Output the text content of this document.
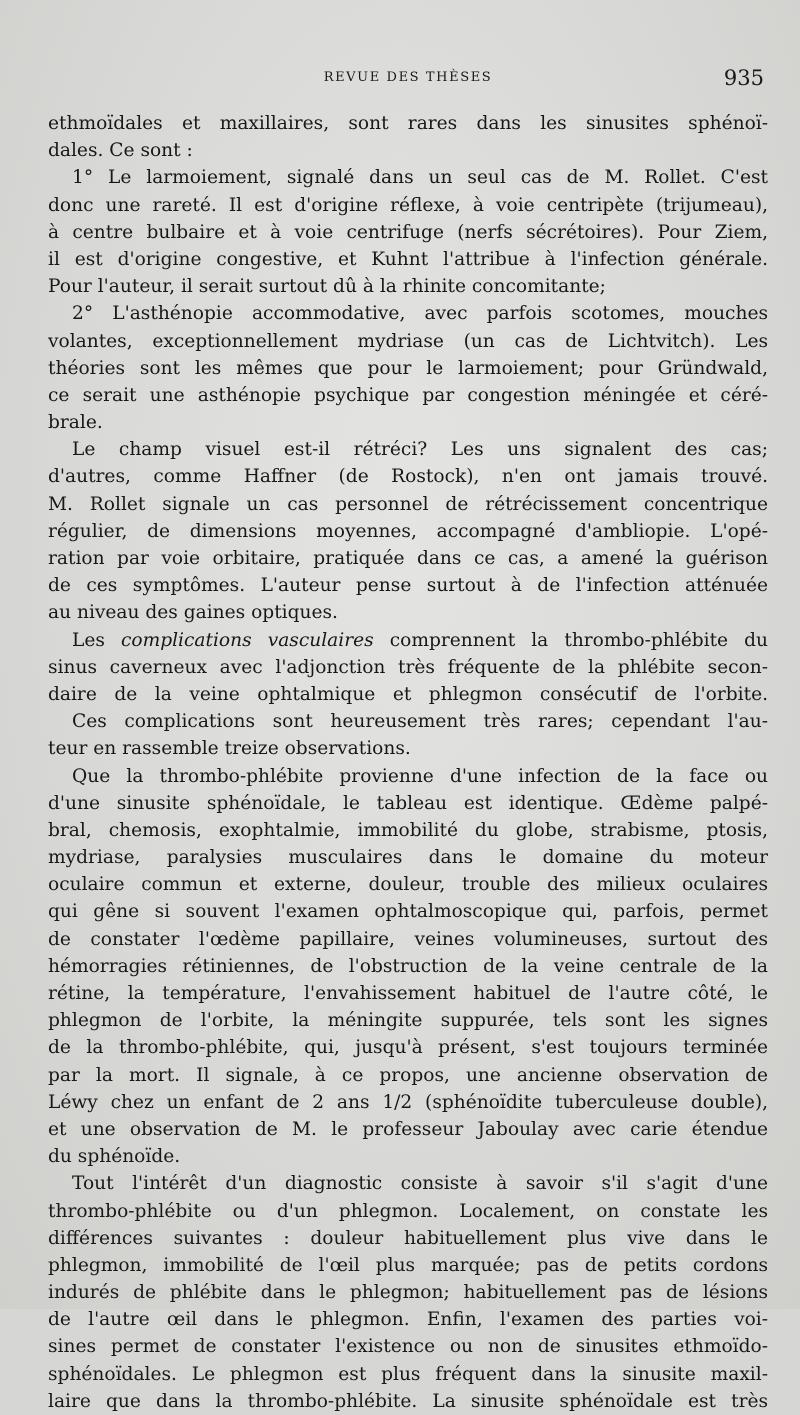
REVUE DES THÈSES	935
ethmoïdales et maxillaires, sont rares dans les sinusites sphénoï-
dales. Ce sont :
1° Le larmoiement, signalé dans un seul cas de M. Rollet. C'est
donc une rareté. Il est d'origine réflexe, à voie centripète (trijumeau),
à centre bulbaire et à voie centrifuge (nerfs sécrétoires). Pour Ziem,
il est d'origine congestive, et Kuhnt l'attribue à l'infection générale.
Pour l'auteur, il serait surtout dû à la rhinite concomitante;
2° L'asthénopie accommodative, avec parfois scotomes, mouches
volantes, exceptionnellement mydriase (un cas de Lichtvitch). Les
théories sont les mêmes que pour le larmoiement; pour Gründwald,
ce serait une asthénopie psychique par congestion méningée et céré-
brale.
Le champ visuel est-il rétréci? Les uns signalent des cas;
d'autres, comme Haffner (de Rostock), n'en ont jamais trouvé.
M. Rollet signale un cas personnel de rétrécissement concentrique
régulier, de dimensions moyennes, accompagné d'ambliopie. L'opé-
ration par voie orbitaire, pratiquée dans ce cas, a amené la guérison
de ces symptômes. L'auteur pense surtout à de l'infection atténuée
au niveau des gaines optiques.
Les complications vasculaires comprennent la thrombo-phlébite du
sinus caverneux avec l'adjonction très fréquente de la phlébite secon-
daire de la veine ophtalmique et phlegmon consécutif de l'orbite.
Ces complications sont heureusement très rares; cependant l'au-
teur en rassemble treize observations.
Que la thrombo-phlébite provienne d'une infection de la face ou
d'une sinusite sphénoïdale, le tableau est identique. Œdème palpé-
bral, chemosis, exophtalmie, immobilité du globe, strabisme, ptosis,
mydriase, paralysies musculaires dans le domaine du moteur
oculaire commun et externe, douleur, trouble des milieux oculaires
qui gêne si souvent l'examen ophtalmoscopique qui, parfois, permet
de constater l'œdème papillaire, veines volumineuses, surtout des
hémorragies rétiniennes, de l'obstruction de la veine centrale de la
rétine, la température, l'envahissement habituel de l'autre côté, le
phlegmon de l'orbite, la méningite suppurée, tels sont les signes
de la thrombo-phlébite, qui, jusqu'à présent, s'est toujours terminée
par la mort. Il signale, à ce propos, une ancienne observation de
Léwy chez un enfant de 2 ans 1/2 (sphénoïdite tuberculeuse double),
et une observation de M. le professeur Jaboulay avec carie étendue
du sphénoïde.
Tout l'intérêt d'un diagnostic consiste à savoir s'il s'agit d'une
thrombo-phlébite ou d'un phlegmon. Localement, on constate les
différences suivantes : douleur habituellement plus vive dans le
phlegmon, immobilité de l'œil plus marquée; pas de petits cordons
indurés de phlébite dans le phlegmon; habituellement pas de lésions
de l'autre œil dans le phlegmon. Enfin, l'examen des parties voi-
sines permet de constater l'existence ou non de sinusites ethmoïdo-
sphénoïdales. Le phlegmon est plus fréquent dans la sinusite maxil-
laire que dans la thrombo-phlébite. La sinusite sphénoïdale est très
